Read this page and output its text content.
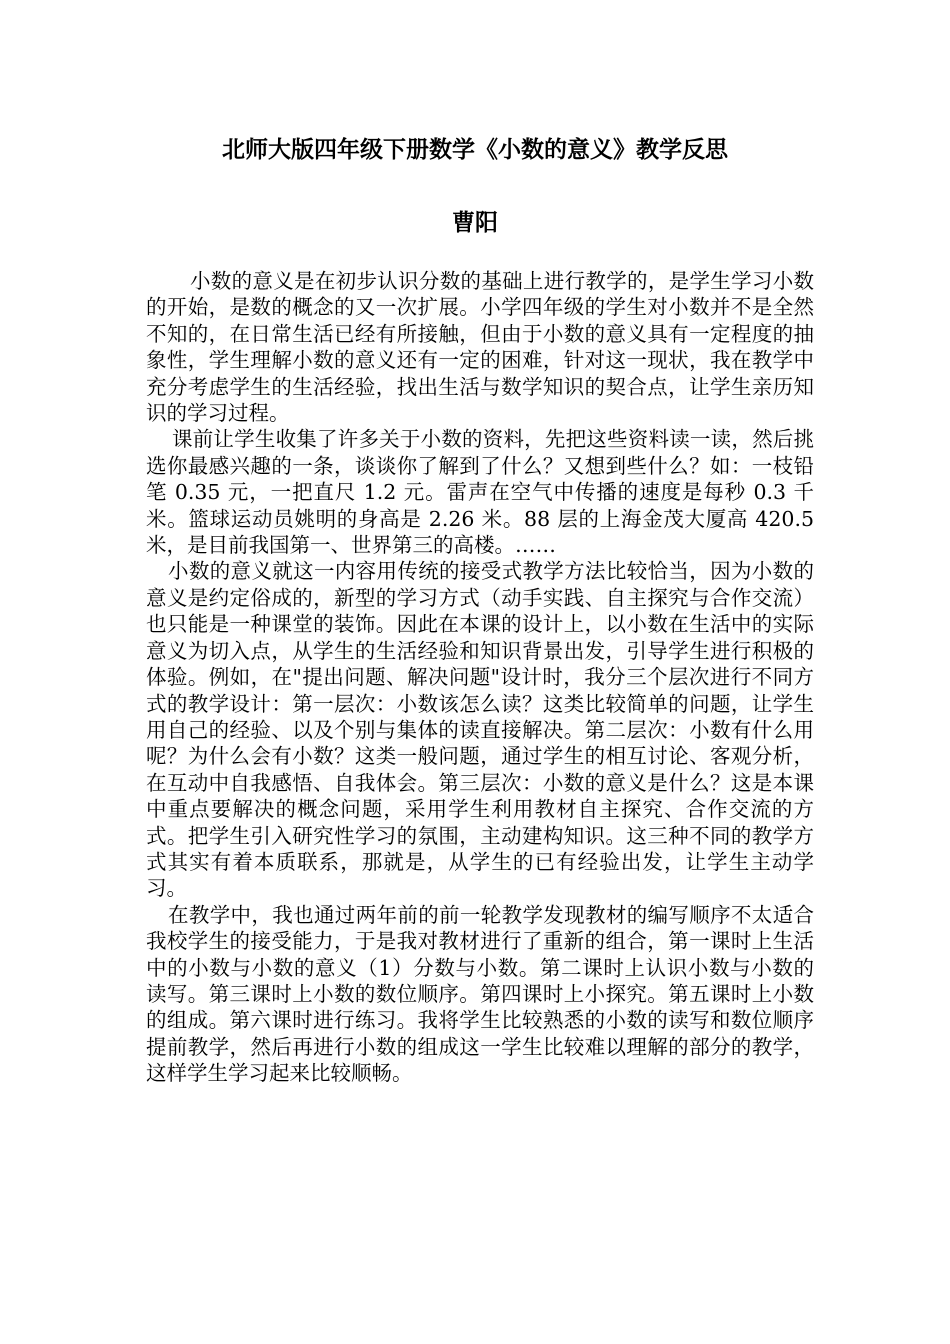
北师大版四年级下册数学《小数的意义》教学反思
曹阳

小数的意义是在初步认识分数的基础上进行教学的，是学生学习小数的开始，是数的概念的又一次扩展。小学四年级的学生对小数并不是全然不知的，在日常生活已经有所接触，但由于小数的意义具有一定程度的抽象性，学生理解小数的意义还有一定的困难，针对这一现状，我在教学中充分考虑学生的生活经验，找出生活与数学知识的契合点，让学生亲历知识的学习过程。

课前让学生收集了许多关于小数的资料，先把这些资料读一读，然后挑选你最感兴趣的一条，谈谈你了解到了什么？又想到些什么？如：一枝铅笔 0.35 元，一把直尺 1.2 元。雷声在空气中传播的速度是每秒 0.3 千米。篮球运动员姚明的身高是 2.26 米。88 层的上海金茂大厦高 420.5 米，是目前我国第一、世界第三的高楼。……

小数的意义就这一内容用传统的接受式教学方法比较恰当，因为小数的意义是约定俗成的，新型的学习方式（动手实践、自主探究与合作交流）也只能是一种课堂的装饰。因此在本课的设计上，以小数在生活中的实际意义为切入点，从学生的生活经验和知识背景出发，引导学生进行积极的体验。例如，在"提出问题、解决问题"设计时，我分三个层次进行不同方式的教学设计：第一层次：小数该怎么读？这类比较简单的问题，让学生用自己的经验、以及个别与集体的读直接解决。第二层次：小数有什么用呢？为什么会有小数？这类一般问题，通过学生的相互讨论、客观分析，在互动中自我感悟、自我体会。第三层次：小数的意义是什么？这是本课中重点要解决的概念问题，采用学生利用教材自主探究、合作交流的方式。把学生引入研究性学习的氛围，主动建构知识。这三种不同的教学方式其实有着本质联系，那就是，从学生的已有经验出发，让学生主动学习。

在教学中，我也通过两年前的前一轮教学发现教材的编写顺序不太适合我校学生的接受能力，于是我对教材进行了重新的组合，第一课时上生活中的小数与小数的意义（1）分数与小数。第二课时上认识小数与小数的读写。第三课时上小数的数位顺序。第四课时上小探究。第五课时上小数的组成。第六课时进行练习。我将学生比较熟悉的小数的读写和数位顺序提前教学，然后再进行小数的组成这一学生比较难以理解的部分的教学，这样学生学习起来比较顺畅。
